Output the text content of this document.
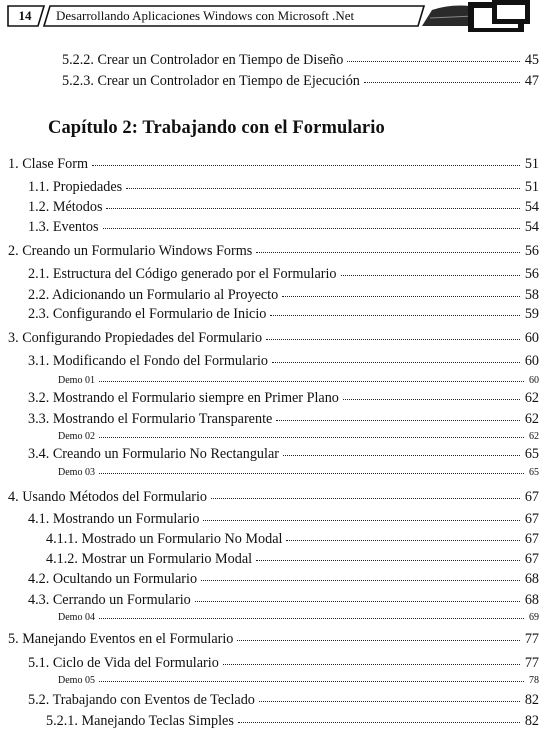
14	Desarrollando Aplicaciones Windows con Microsoft .Net
5.2.2. Crear un Controlador en Tiempo de Diseño	45
5.2.3. Crear un Controlador en Tiempo de Ejecución	47
Capítulo 2: Trabajando con el Formulario
1. Clase Form	51
1.1. Propiedades	51
1.2. Métodos	54
1.3. Eventos	54
2. Creando un Formulario Windows Forms	56
2.1. Estructura del Código generado por el Formulario	56
2.2. Adicionando un Formulario al Proyecto	58
2.3. Configurando el Formulario de Inicio	59
3. Configurando Propiedades del Formulario	60
3.1. Modificando el Fondo del Formulario	60
Demo 01	60
3.2. Mostrando el Formulario siempre en Primer Plano	62
3.3. Mostrando el Formulario Transparente	62
Demo 02	62
3.4. Creando un Formulario No Rectangular	65
Demo 03	65
4. Usando Métodos del Formulario	67
4.1. Mostrando un Formulario	67
4.1.1. Mostrado un Formulario No Modal	67
4.1.2. Mostrar un Formulario Modal	67
4.2. Ocultando un Formulario	68
4.3. Cerrando un Formulario	68
Demo 04	69
5. Manejando Eventos en el Formulario	77
5.1. Ciclo de Vida del Formulario	77
Demo 05	78
5.2. Trabajando con Eventos de Teclado	82
5.2.1. Manejando Teclas Simples	82
